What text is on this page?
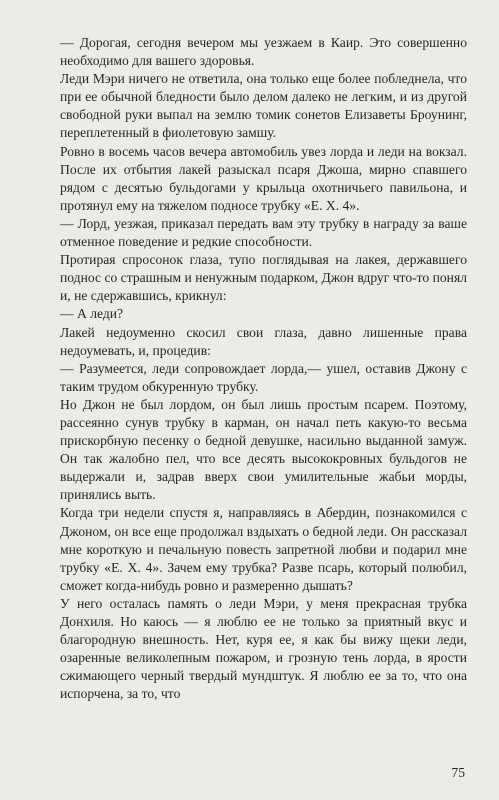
— Дорогая, сегодня вечером мы уезжаем в Каир. Это совершенно необходимо для вашего здоровья.

Леди Мэри ничего не ответила, она только еще более побледнела, что при ее обычной бледности было делом далеко не легким, и из другой свободной руки выпал на землю томик сонетов Елизаветы Броунинг, переплетенный в фиолетовую замшу.

Ровно в восемь часов вечера автомобиль увез лорда и леди на вокзал. После их отбытия лакей разыскал псаря Джоша, мирно спавшего рядом с десятью бульдогами у крыльца охотничьего павильона, и протянул ему на тяжелом подносе трубку «Е. Х. 4».

— Лорд, уезжая, приказал передать вам эту трубку в награду за ваше отменное поведение и редкие способности.

Протирая спросонок глаза, тупо поглядывая на лакея, державшего поднос со страшным и ненужным подарком, Джон вдруг что-то понял и, не сдержавшись, крикнул:

— А леди?

Лакей недоуменно скосил свои глаза, давно лишенные права недоумевать, и, процедив:

— Разумеется, леди сопровождает лорда,— ушел, оставив Джону с таким трудом обкуренную трубку.

Но Джон не был лордом, он был лишь простым псарем. Поэтому, рассеянно сунув трубку в карман, он начал петь какую-то весьма прискорбную песенку о бедной девушке, насильно выданной замуж. Он так жалобно пел, что все десять высококровных бульдогов не выдержали и, задрав вверх свои умилительные жабьи морды, принялись выть.

Когда три недели спустя я, направляясь в Абердин, познакомился с Джоном, он все еще продолжал вздыхать о бедной леди. Он рассказал мне короткую и печальную повесть запретной любви и подарил мне трубку «Е. Х. 4». Зачем ему трубка? Разве псарь, который полюбил, сможет когда-нибудь ровно и размеренно дышать?

У него осталась память о леди Мэри, у меня прекрасная трубка Донхиля. Но каюсь — я люблю ее не только за приятный вкус и благородную внешность. Нет, куря ее, я как бы вижу щеки леди, озаренные великолепным пожаром, и грозную тень лорда, в ярости сжимающего черный твердый мундштук. Я люблю ее за то, что она испорчена, за то, что

75
